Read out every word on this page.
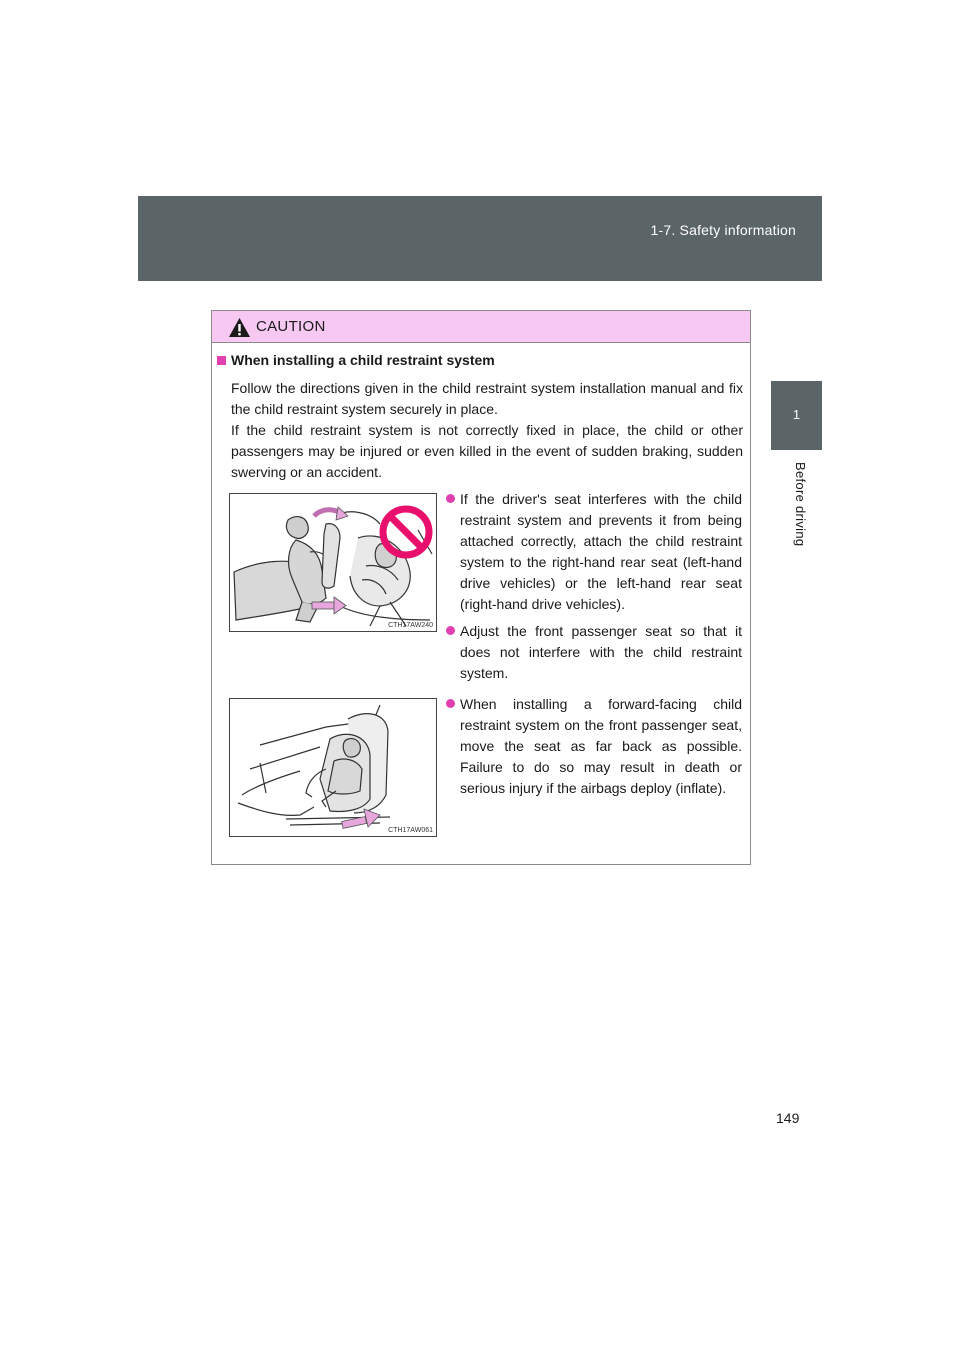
1-7. Safety information
1
Before driving
CAUTION
When installing a child restraint system

Follow the directions given in the child restraint system installation manual and fix the child restraint system securely in place.

If the child restraint system is not correctly fixed in place, the child or other passengers may be injured or even killed in the event of sudden braking, sudden swerving or an accident.

CTH17AW240
If the driver's seat interferes with the child restraint system and prevents it from being attached correctly, attach the child restraint system to the right-hand rear seat (left-hand drive vehicles) or the left-hand rear seat (right-hand drive vehicles).
Adjust the front passenger seat so that it does not interfere with the child restraint system.
CTH17AW061
When installing a forward-facing child restraint system on the front passenger seat, move the seat as far back as possible. Failure to do so may result in death or serious injury if the airbags deploy (inflate).
149
